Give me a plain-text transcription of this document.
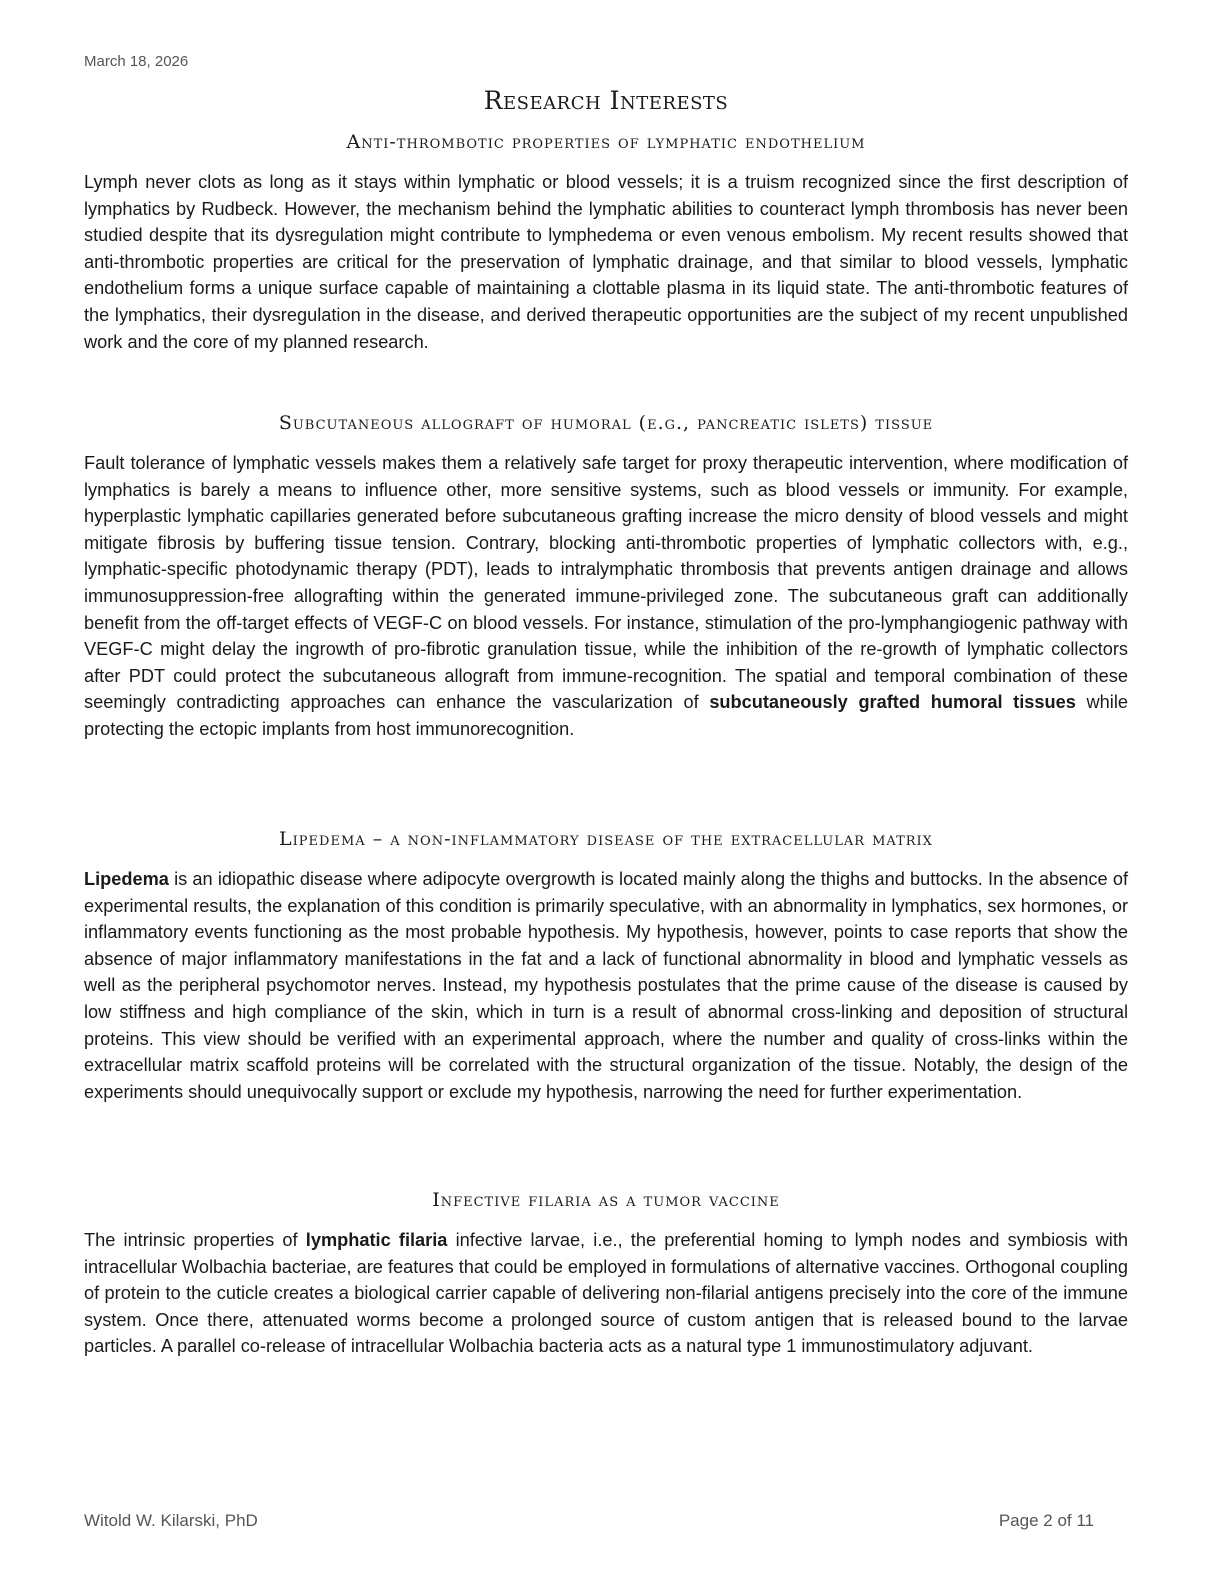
March 18, 2026
Research Interests
Anti-thrombotic properties of lymphatic endothelium

Lymph never clots as long as it stays within lymphatic or blood vessels; it is a truism recognized since the first description of lymphatics by Rudbeck. However, the mechanism behind the lymphatic abilities to counteract lymph thrombosis has never been studied despite that its dysregulation might contribute to lymphedema or even venous embolism. My recent results showed that anti-thrombotic properties are critical for the preservation of lymphatic drainage, and that similar to blood vessels, lymphatic endothelium forms a unique surface capable of maintaining a clottable plasma in its liquid state. The anti-thrombotic features of the lymphatics, their dysregulation in the disease, and derived therapeutic opportunities are the subject of my recent unpublished work and the core of my planned research.

Subcutaneous allograft of humoral (e.g., pancreatic islets) tissue

Fault tolerance of lymphatic vessels makes them a relatively safe target for proxy therapeutic intervention, where modification of lymphatics is barely a means to influence other, more sensitive systems, such as blood vessels or immunity. For example, hyperplastic lymphatic capillaries generated before subcutaneous grafting increase the micro density of blood vessels and might mitigate fibrosis by buffering tissue tension. Contrary, blocking anti-thrombotic properties of lymphatic collectors with, e.g., lymphatic-specific photodynamic therapy (PDT), leads to intralymphatic thrombosis that prevents antigen drainage and allows immunosuppression-free allografting within the generated immune-privileged zone. The subcutaneous graft can additionally benefit from the off-target effects of VEGF-C on blood vessels. For instance, stimulation of the pro-lymphangiogenic pathway with VEGF-C might delay the ingrowth of pro-fibrotic granulation tissue, while the inhibition of the re-growth of lymphatic collectors after PDT could protect the subcutaneous allograft from immune-recognition. The spatial and temporal combination of these seemingly contradicting approaches can enhance the vascularization of subcutaneously grafted humoral tissues while protecting the ectopic implants from host immunorecognition.

Lipedema – a non-inflammatory disease of the extracellular matrix

Lipedema is an idiopathic disease where adipocyte overgrowth is located mainly along the thighs and buttocks. In the absence of experimental results, the explanation of this condition is primarily speculative, with an abnormality in lymphatics, sex hormones, or inflammatory events functioning as the most probable hypothesis. My hypothesis, however, points to case reports that show the absence of major inflammatory manifestations in the fat and a lack of functional abnormality in blood and lymphatic vessels as well as the peripheral psychomotor nerves. Instead, my hypothesis postulates that the prime cause of the disease is caused by low stiffness and high compliance of the skin, which in turn is a result of abnormal cross-linking and deposition of structural proteins. This view should be verified with an experimental approach, where the number and quality of cross-links within the extracellular matrix scaffold proteins will be correlated with the structural organization of the tissue. Notably, the design of the experiments should unequivocally support or exclude my hypothesis, narrowing the need for further experimentation.

Infective filaria as a tumor vaccine

The intrinsic properties of lymphatic filaria infective larvae, i.e., the preferential homing to lymph nodes and symbiosis with intracellular Wolbachia bacteriae, are features that could be employed in formulations of alternative vaccines. Orthogonal coupling of protein to the cuticle creates a biological carrier capable of delivering non-filarial antigens precisely into the core of the immune system. Once there, attenuated worms become a prolonged source of custom antigen that is released bound to the larvae particles. A parallel co-release of intracellular Wolbachia bacteria acts as a natural type 1 immunostimulatory adjuvant.

Witold W. Kilarski, PhD	Page 2 of 11
